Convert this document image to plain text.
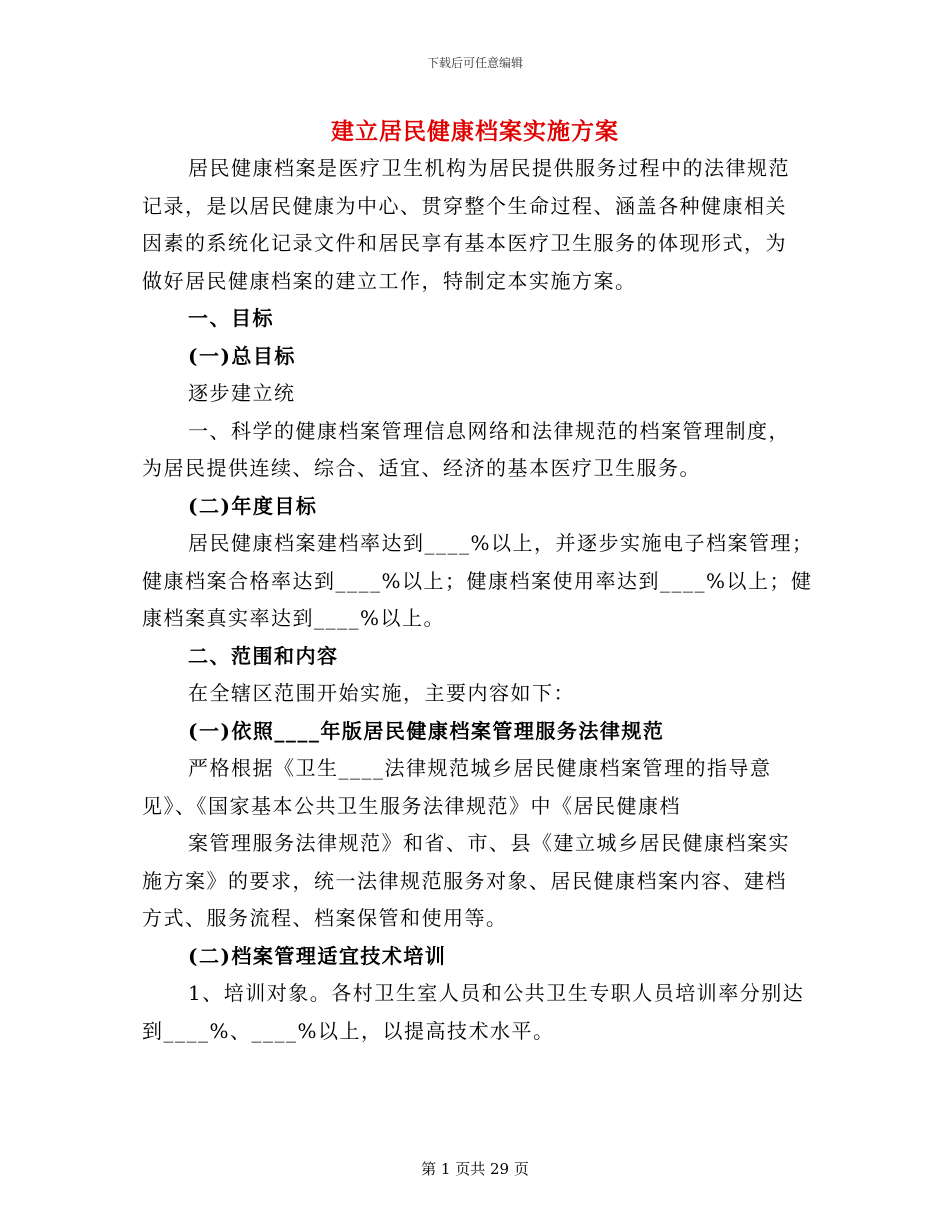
下载后可任意编辑
建立居民健康档案实施方案
居民健康档案是医疗卫生机构为居民提供服务过程中的法律规范
记录，是以居民健康为中心、贯穿整个生命过程、涵盖各种健康相关
因素的系统化记录文件和居民享有基本医疗卫生服务的体现形式，为
做好居民健康档案的建立工作，特制定本实施方案。
一、目标
(一)总目标
逐步建立统
一、科学的健康档案管理信息网络和法律规范的档案管理制度，
为居民提供连续、综合、适宜、经济的基本医疗卫生服务。
(二)年度目标
居民健康档案建档率达到____%以上，并逐步实施电子档案管理；
健康档案合格率达到____%以上；健康档案使用率达到____%以上；健
康档案真实率达到____%以上。
二、范围和内容
在全辖区范围开始实施，主要内容如下：
(一)依照____年版居民健康档案管理服务法律规范
严格根据《卫生____法律规范城乡居民健康档案管理的指导意
见》、《国家基本公共卫生服务法律规范》中《居民健康档
案管理服务法律规范》和省、市、县《建立城乡居民健康档案实
施方案》的要求，统一法律规范服务对象、居民健康档案内容、建档
方式、服务流程、档案保管和使用等。
(二)档案管理适宜技术培训
1、培训对象。各村卫生室人员和公共卫生专职人员培训率分别达
到____%、____%以上，以提高技术水平。
第 1 页共 29 页
